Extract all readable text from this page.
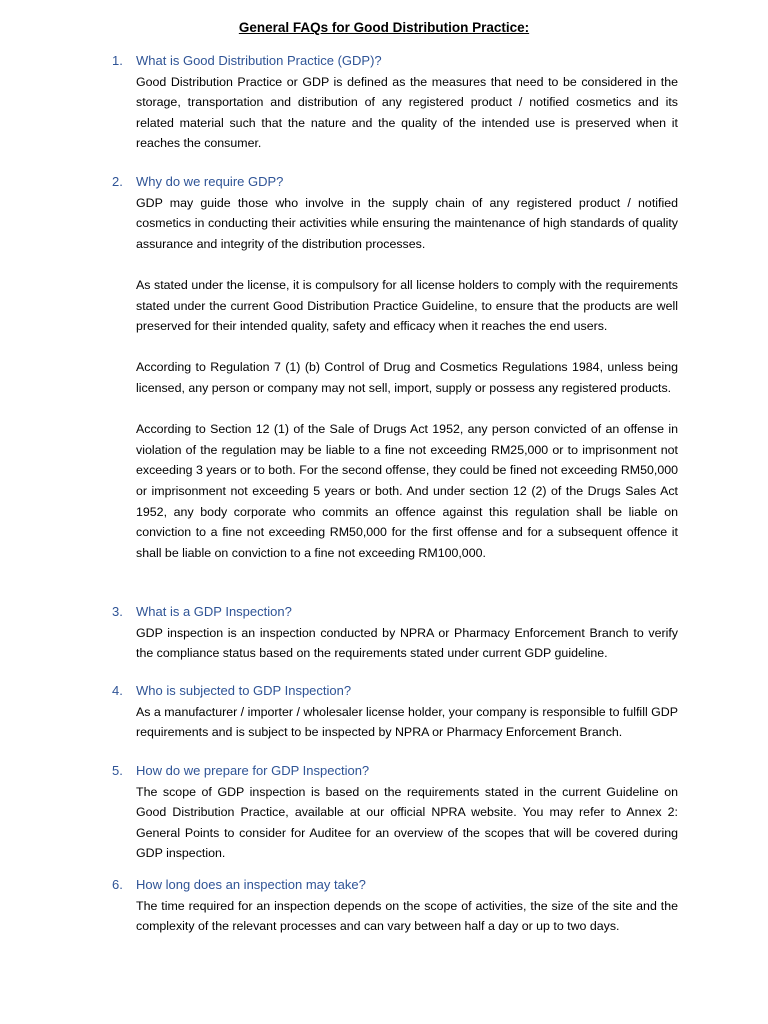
General FAQs for Good Distribution Practice:
1. What is Good Distribution Practice (GDP)?

Good Distribution Practice or GDP is defined as the measures that need to be considered in the storage, transportation and distribution of any registered product / notified cosmetics and its related material such that the nature and the quality of the intended use is preserved when it reaches the consumer.

2. Why do we require GDP?

GDP may guide those who involve in the supply chain of any registered product / notified cosmetics in conducting their activities while ensuring the maintenance of high standards of quality assurance and integrity of the distribution processes.

As stated under the license, it is compulsory for all license holders to comply with the requirements stated under the current Good Distribution Practice Guideline, to ensure that the products are well preserved for their intended quality, safety and efficacy when it reaches the end users.

According to Regulation 7 (1) (b) Control of Drug and Cosmetics Regulations 1984, unless being licensed, any person or company may not sell, import, supply or possess any registered products.

According to Section 12 (1) of the Sale of Drugs Act 1952, any person convicted of an offense in violation of the regulation may be liable to a fine not exceeding RM25,000 or to imprisonment not exceeding 3 years or to both. For the second offense, they could be fined not exceeding RM50,000 or imprisonment not exceeding 5 years or both. And under section 12 (2) of the Drugs Sales Act 1952, any body corporate who commits an offence against this regulation shall be liable on conviction to a fine not exceeding RM50,000 for the first offense and for a subsequent offence it shall be liable on conviction to a fine not exceeding RM100,000.

3. What is a GDP Inspection?

GDP inspection is an inspection conducted by NPRA or Pharmacy Enforcement Branch to verify the compliance status based on the requirements stated under current GDP guideline.

4. Who is subjected to GDP Inspection?

As a manufacturer / importer / wholesaler license holder, your company is responsible to fulfill GDP requirements and is subject to be inspected by NPRA or Pharmacy Enforcement Branch.

5. How do we prepare for GDP Inspection?

The scope of GDP inspection is based on the requirements stated in the current Guideline on Good Distribution Practice, available at our official NPRA website. You may refer to Annex 2: General Points to consider for Auditee for an overview of the scopes that will be covered during GDP inspection.

6. How long does an inspection may take?

The time required for an inspection depends on the scope of activities, the size of the site and the complexity of the relevant processes and can vary between half a day or up to two days.
